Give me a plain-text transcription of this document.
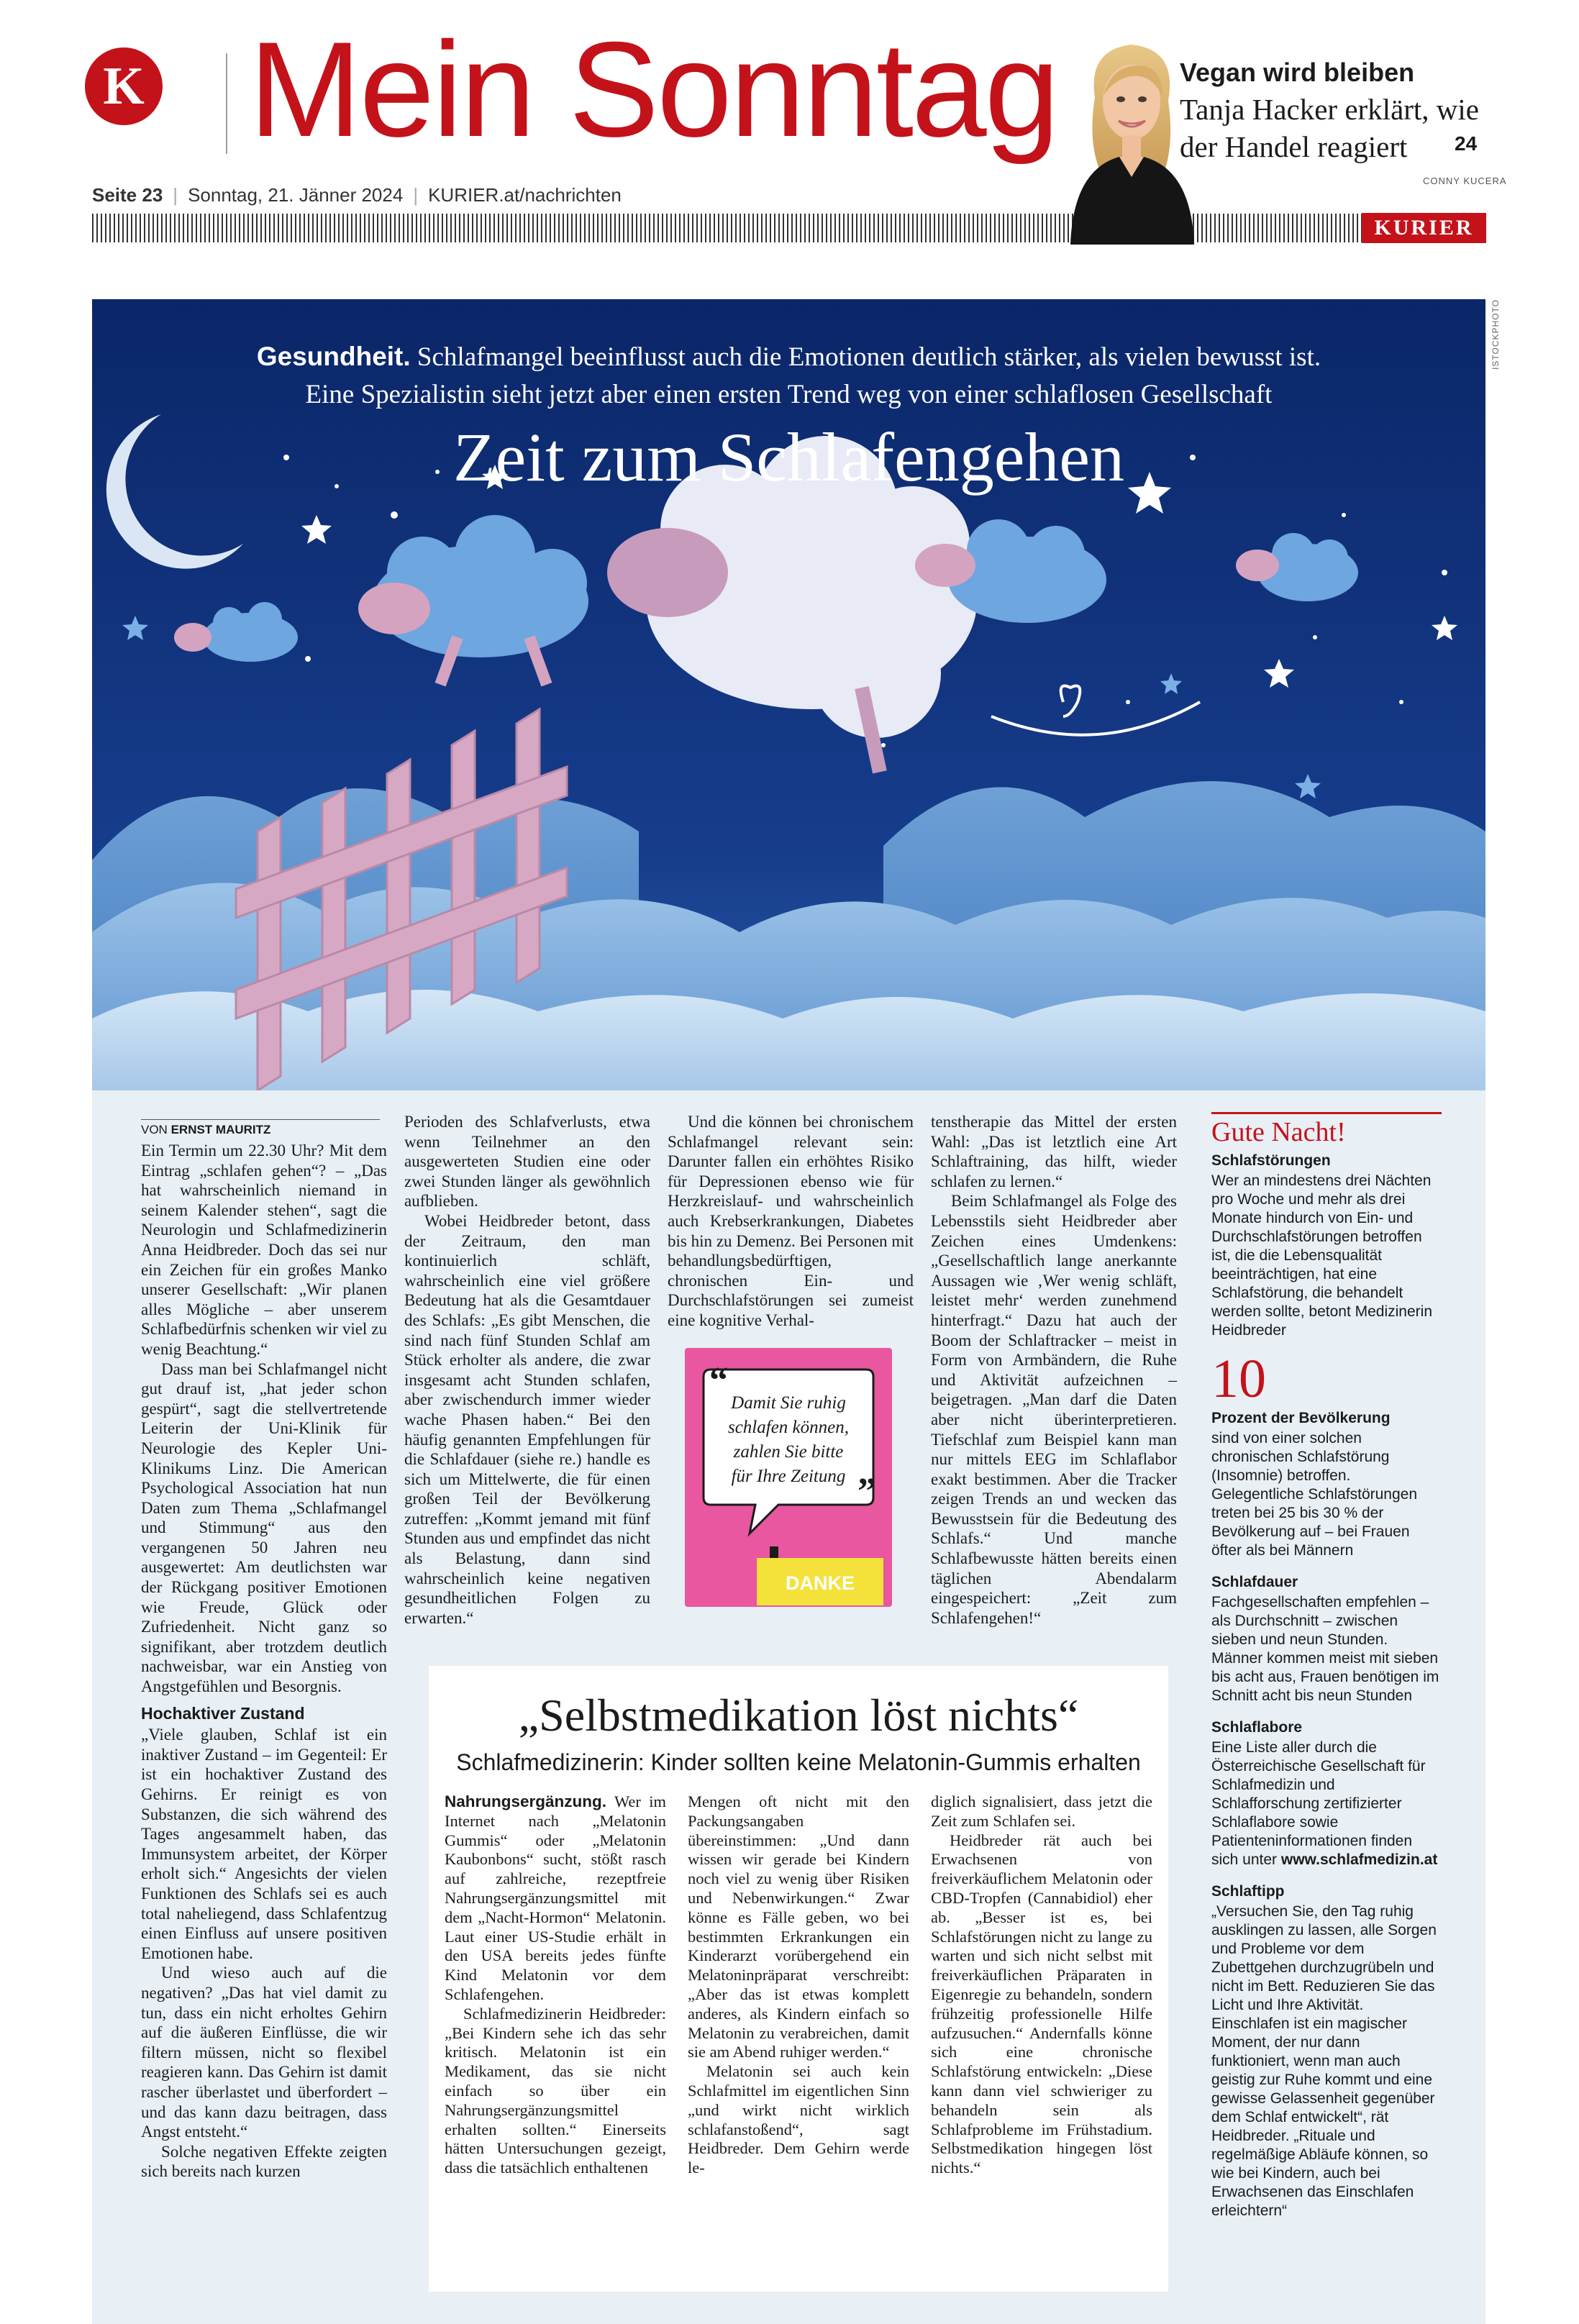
K Mein Sonntag
Seite 23 | Sonntag, 21. Jänner 2024 | KURIER.at/nachrichten
Vegan wird bleiben
Tanja Hacker erklärt, wie
der Handel reagiert	24
CONNY KUCERA
KURIER
Gesundheit. Schlafmangel beeinflusst auch die Emotionen deutlich stärker, als vielen bewusst ist.
Eine Spezialistin sieht jetzt aber einen ersten Trend weg von einer schlaflosen Gesellschaft
Zeit zum Schlafengehen
ISTOCKPHOTO
VON ERNST MAURITZ

Ein Termin um 22.30 Uhr? Mit dem Eintrag „schlafen gehen“? – „Das hat wahrscheinlich niemand in seinem Kalender stehen“, sagt die Neurologin und Schlafmedizinerin Anna Heidbreder. Doch das sei nur ein Zeichen für ein großes Manko unserer Gesellschaft: „Wir planen alles Mögliche – aber unserem Schlafbedürfnis schenken wir viel zu wenig Beachtung.“

Dass man bei Schlafmangel nicht gut drauf ist, „hat jeder schon gespürt“, sagt die stellvertretende Leiterin der Uni-Klinik für Neurologie des Kepler Uni-Klinikums Linz. Die American Psychological Association hat nun Daten zum Thema „Schlafmangel und Stimmung“ aus den vergangenen 50 Jahren neu ausgewertet: Am deutlichsten war der Rückgang positiver Emotionen wie Freude, Glück oder Zufriedenheit. Nicht ganz so signifikant, aber trotzdem deutlich nachweisbar, war ein Anstieg von Angstgefühlen und Besorgnis.

Hochaktiver Zustand

„Viele glauben, Schlaf ist ein inaktiver Zustand – im Gegenteil: Er ist ein hochaktiver Zustand des Gehirns. Er reinigt es von Substanzen, die sich während des Tages angesammelt haben, das Immunsystem arbeitet, der Körper erholt sich.“ Angesichts der vielen Funktionen des Schlafs sei es auch total naheliegend, dass Schlafentzug einen Einfluss auf unsere positiven Emotionen habe.

Und wieso auch auf die negativen? „Das hat viel damit zu tun, dass ein nicht erholtes Gehirn auf die äußeren Einflüsse, die wir filtern müssen, nicht so flexibel reagieren kann. Das Gehirn ist damit rascher überlastet und überfordert – und das kann dazu beitragen, dass Angst entsteht.“

Solche negativen Effekte zeigten sich bereits nach kurzen

Perioden des Schlafverlusts, etwa wenn Teilnehmer an den ausgewerteten Studien eine oder zwei Stunden länger als gewöhnlich aufblieben.

Wobei Heidbreder betont, dass der Zeitraum, den man kontinuierlich schläft, wahrscheinlich eine viel größere Bedeutung hat als die Gesamtdauer des Schlafs: „Es gibt Menschen, die sind nach fünf Stunden Schlaf am Stück erholter als andere, die zwar insgesamt acht Stunden schlafen, aber zwischendurch immer wieder wache Phasen haben.“ Bei den häufig genannten Empfehlungen für die Schlafdauer (siehe re.) handle es sich um Mittelwerte, die für einen großen Teil der Bevölkerung zutreffen: „Kommt jemand mit fünf Stunden aus und empfindet das nicht als Belastung, dann sind wahrscheinlich keine negativen gesundheitlichen Folgen zu erwarten.“

Und die können bei chronischem Schlafmangel relevant sein: Darunter fallen ein erhöhtes Risiko für Depressionen ebenso wie für Herzkreislauf- und wahrscheinlich auch Krebserkrankungen, Diabetes bis hin zu Demenz. Bei Personen mit behandlungsbedürftigen, chronischen Ein- und Durchschlafstörungen sei zumeist eine kognitive Verhal-

tenstherapie das Mittel der ersten Wahl: „Das ist letztlich eine Art Schlaftraining, das hilft, wieder schlafen zu lernen.“

Beim Schlafmangel als Folge des Lebensstils sieht Heidbreder aber Zeichen eines Umdenkens: „Gesellschaftlich lange anerkannte Aussagen wie ‚Wer wenig schläft, leistet mehr‘ werden zunehmend hinterfragt.“ Dazu hat auch der Boom der Schlaftracker – meist in Form von Armbändern, die Ruhe und Aktivität aufzeichnen – beigetragen. „Man darf die Daten aber nicht überinterpretieren. Tiefschlaf zum Beispiel kann man nur mittels EEG im Schlaflabor exakt bestimmen. Aber die Tracker zeigen Trends an und wecken das Bewusstsein für die Bedeutung des Schlafs.“ Und manche Schlafbewusste hätten bereits einen täglichen Abendalarm eingespeichert: „Zeit zum Schlafengehen!“

“
”
Damit Sie ruhig
schlafen können,
zahlen Sie bitte
für Ihre Zeitung
DANKE
Gute Nacht!
Schlafstörungen

Wer an mindestens drei Nächten pro Woche und mehr als drei Monate hindurch von Ein- und Durchschlafstörungen betroffen ist, die die Lebensqualität beeinträchtigen, hat eine Schlafstörung, die behandelt werden sollte, betont Medizinerin Heidbreder

10
Prozent der Bevölkerung

sind von einer solchen chronischen Schlafstörung (Insomnie) betroffen. Gelegentliche Schlafstörungen treten bei 25 bis 30 % der Bevölkerung auf – bei Frauen öfter als bei Männern

Schlafdauer

Fachgesellschaften empfehlen – als Durchschnitt – zwischen sieben und neun Stunden. Männer kommen meist mit sieben bis acht aus, Frauen benötigen im Schnitt acht bis neun Stunden

Schlaflabore

Eine Liste aller durch die Österreichische Gesellschaft für Schlafmedizin und Schlafforschung zertifizierter Schlaflabore sowie Patienteninformationen finden sich unter www.schlafmedizin.at

Schlaftipp

„Versuchen Sie, den Tag ruhig ausklingen zu lassen, alle Sorgen und Probleme vor dem Zubettgehen durchzugrübeln und nicht im Bett. Reduzieren Sie das Licht und Ihre Aktivität. Einschlafen ist ein magischer Moment, der nur dann funktioniert, wenn man auch geistig zur Ruhe kommt und eine gewisse Gelassenheit gegenüber dem Schlaf entwickelt“, rät Heidbreder. „Rituale und regelmäßige Abläufe können, so wie bei Kindern, auch bei Erwachsenen das Einschlafen erleichtern“

„Selbstmedikation löst nichts“
Schlafmedizinerin: Kinder sollten keine Melatonin-Gummis erhalten

Nahrungsergänzung. Wer im Internet nach „Melatonin Gummis“ oder „Melatonin Kaubonbons“ sucht, stößt rasch auf zahlreiche, rezeptfreie Nahrungsergänzungsmittel mit dem „Nacht-Hormon“ Melatonin. Laut einer US-Studie erhält in den USA bereits jedes fünfte Kind Melatonin vor dem Schlafengehen.

Schlafmedizinerin Heidbreder: „Bei Kindern sehe ich das sehr kritisch. Melatonin ist ein Medikament, das sie nicht einfach so über ein Nahrungsergänzungsmittel erhalten sollten.“ Einerseits hätten Untersuchungen gezeigt, dass die tatsächlich enthaltenen

Mengen oft nicht mit den Packungsangaben übereinstimmen: „Und dann wissen wir gerade bei Kindern noch viel zu wenig über Risiken und Nebenwirkungen.“ Zwar könne es Fälle geben, wo bei bestimmten Erkrankungen ein Kinderarzt vorübergehend ein Melatoninpräparat verschreibt: „Aber das ist etwas komplett anderes, als Kindern einfach so Melatonin zu verabreichen, damit sie am Abend ruhiger werden.“

Melatonin sei auch kein Schlafmittel im eigentlichen Sinn „und wirkt nicht wirklich schlafanstoßend“, sagt Heidbreder. Dem Gehirn werde le-

diglich signalisiert, dass jetzt die Zeit zum Schlafen sei.

Heidbreder rät auch bei Erwachsenen von freiverkäuflichem Melatonin oder CBD-Tropfen (Cannabidiol) eher ab. „Besser ist es, bei Schlafstörungen nicht zu lange zu warten und sich nicht selbst mit freiverkäuflichen Präparaten in Eigenregie zu behandeln, sondern frühzeitig professionelle Hilfe aufzusuchen.“ Andernfalls könne sich eine chronische Schlafstörung entwickeln: „Diese kann dann viel schwieriger zu behandeln sein als Schlafprobleme im Frühstadium. Selbstmedikation hingegen löst nichts.“
